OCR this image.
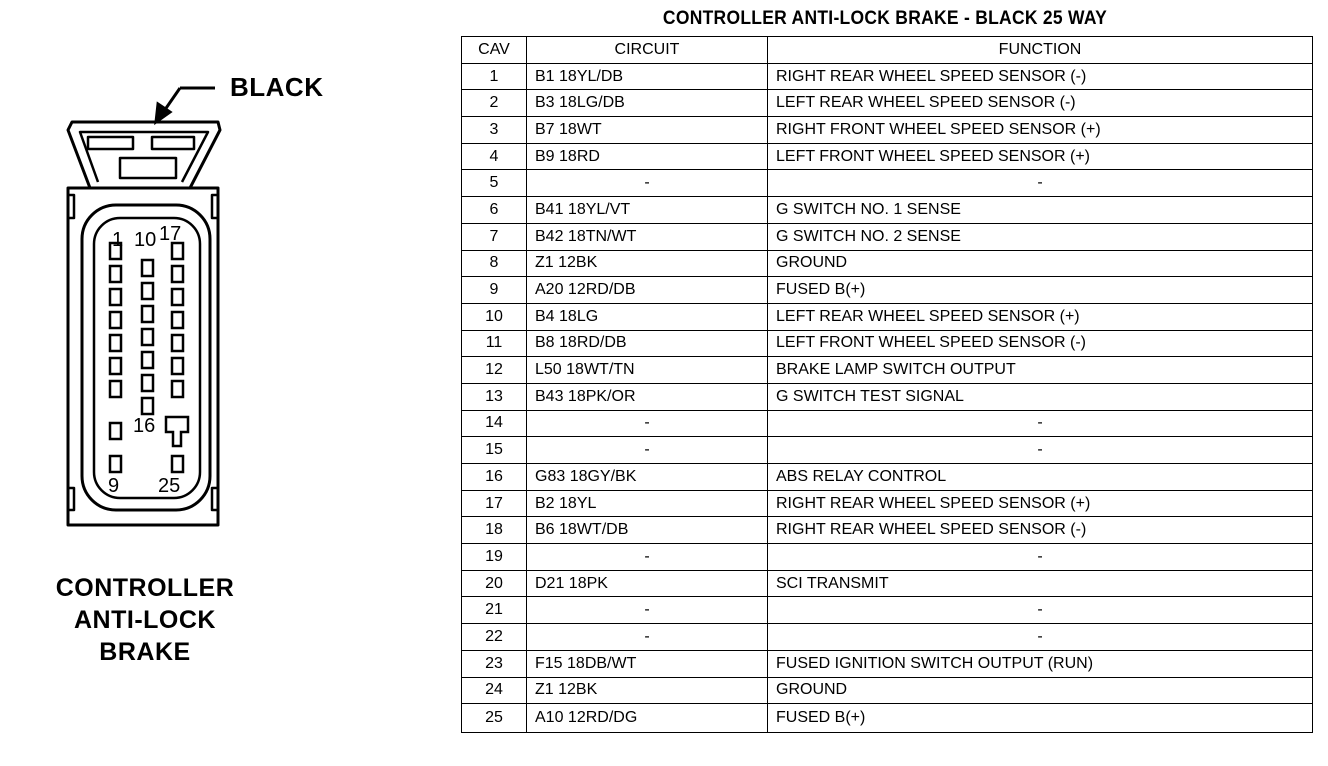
1 10 17
16
9 25
BLACK
CONTROLLER
ANTI-LOCK
BRAKE
CONTROLLER ANTI-LOCK BRAKE - BLACK 25 WAY
CAV	CIRCUIT	FUNCTION
1	B1 18YL/DB	RIGHT REAR WHEEL SPEED SENSOR (-)
2	B3 18LG/DB	LEFT REAR WHEEL SPEED SENSOR (-)
3	B7 18WT	RIGHT FRONT WHEEL SPEED SENSOR (+)
4	B9 18RD	LEFT FRONT WHEEL SPEED SENSOR (+)
5	-	-
6	B41 18YL/VT	G SWITCH NO. 1 SENSE
7	B42 18TN/WT	G SWITCH NO. 2 SENSE
8	Z1 12BK	GROUND
9	A20 12RD/DB	FUSED B(+)
10	B4 18LG	LEFT REAR WHEEL SPEED SENSOR (+)
11	B8 18RD/DB	LEFT FRONT WHEEL SPEED SENSOR (-)
12	L50 18WT/TN	BRAKE LAMP SWITCH OUTPUT
13	B43 18PK/OR	G SWITCH TEST SIGNAL
14	-	-
15	-	-
16	G83 18GY/BK	ABS RELAY CONTROL
17	B2 18YL	RIGHT REAR WHEEL SPEED SENSOR (+)
18	B6 18WT/DB	RIGHT REAR WHEEL SPEED SENSOR (-)
19	-	-
20	D21 18PK	SCI TRANSMIT
21	-	-
22	-	-
23	F15 18DB/WT	FUSED IGNITION SWITCH OUTPUT (RUN)
24	Z1 12BK	GROUND
25	A10 12RD/DG	FUSED B(+)
